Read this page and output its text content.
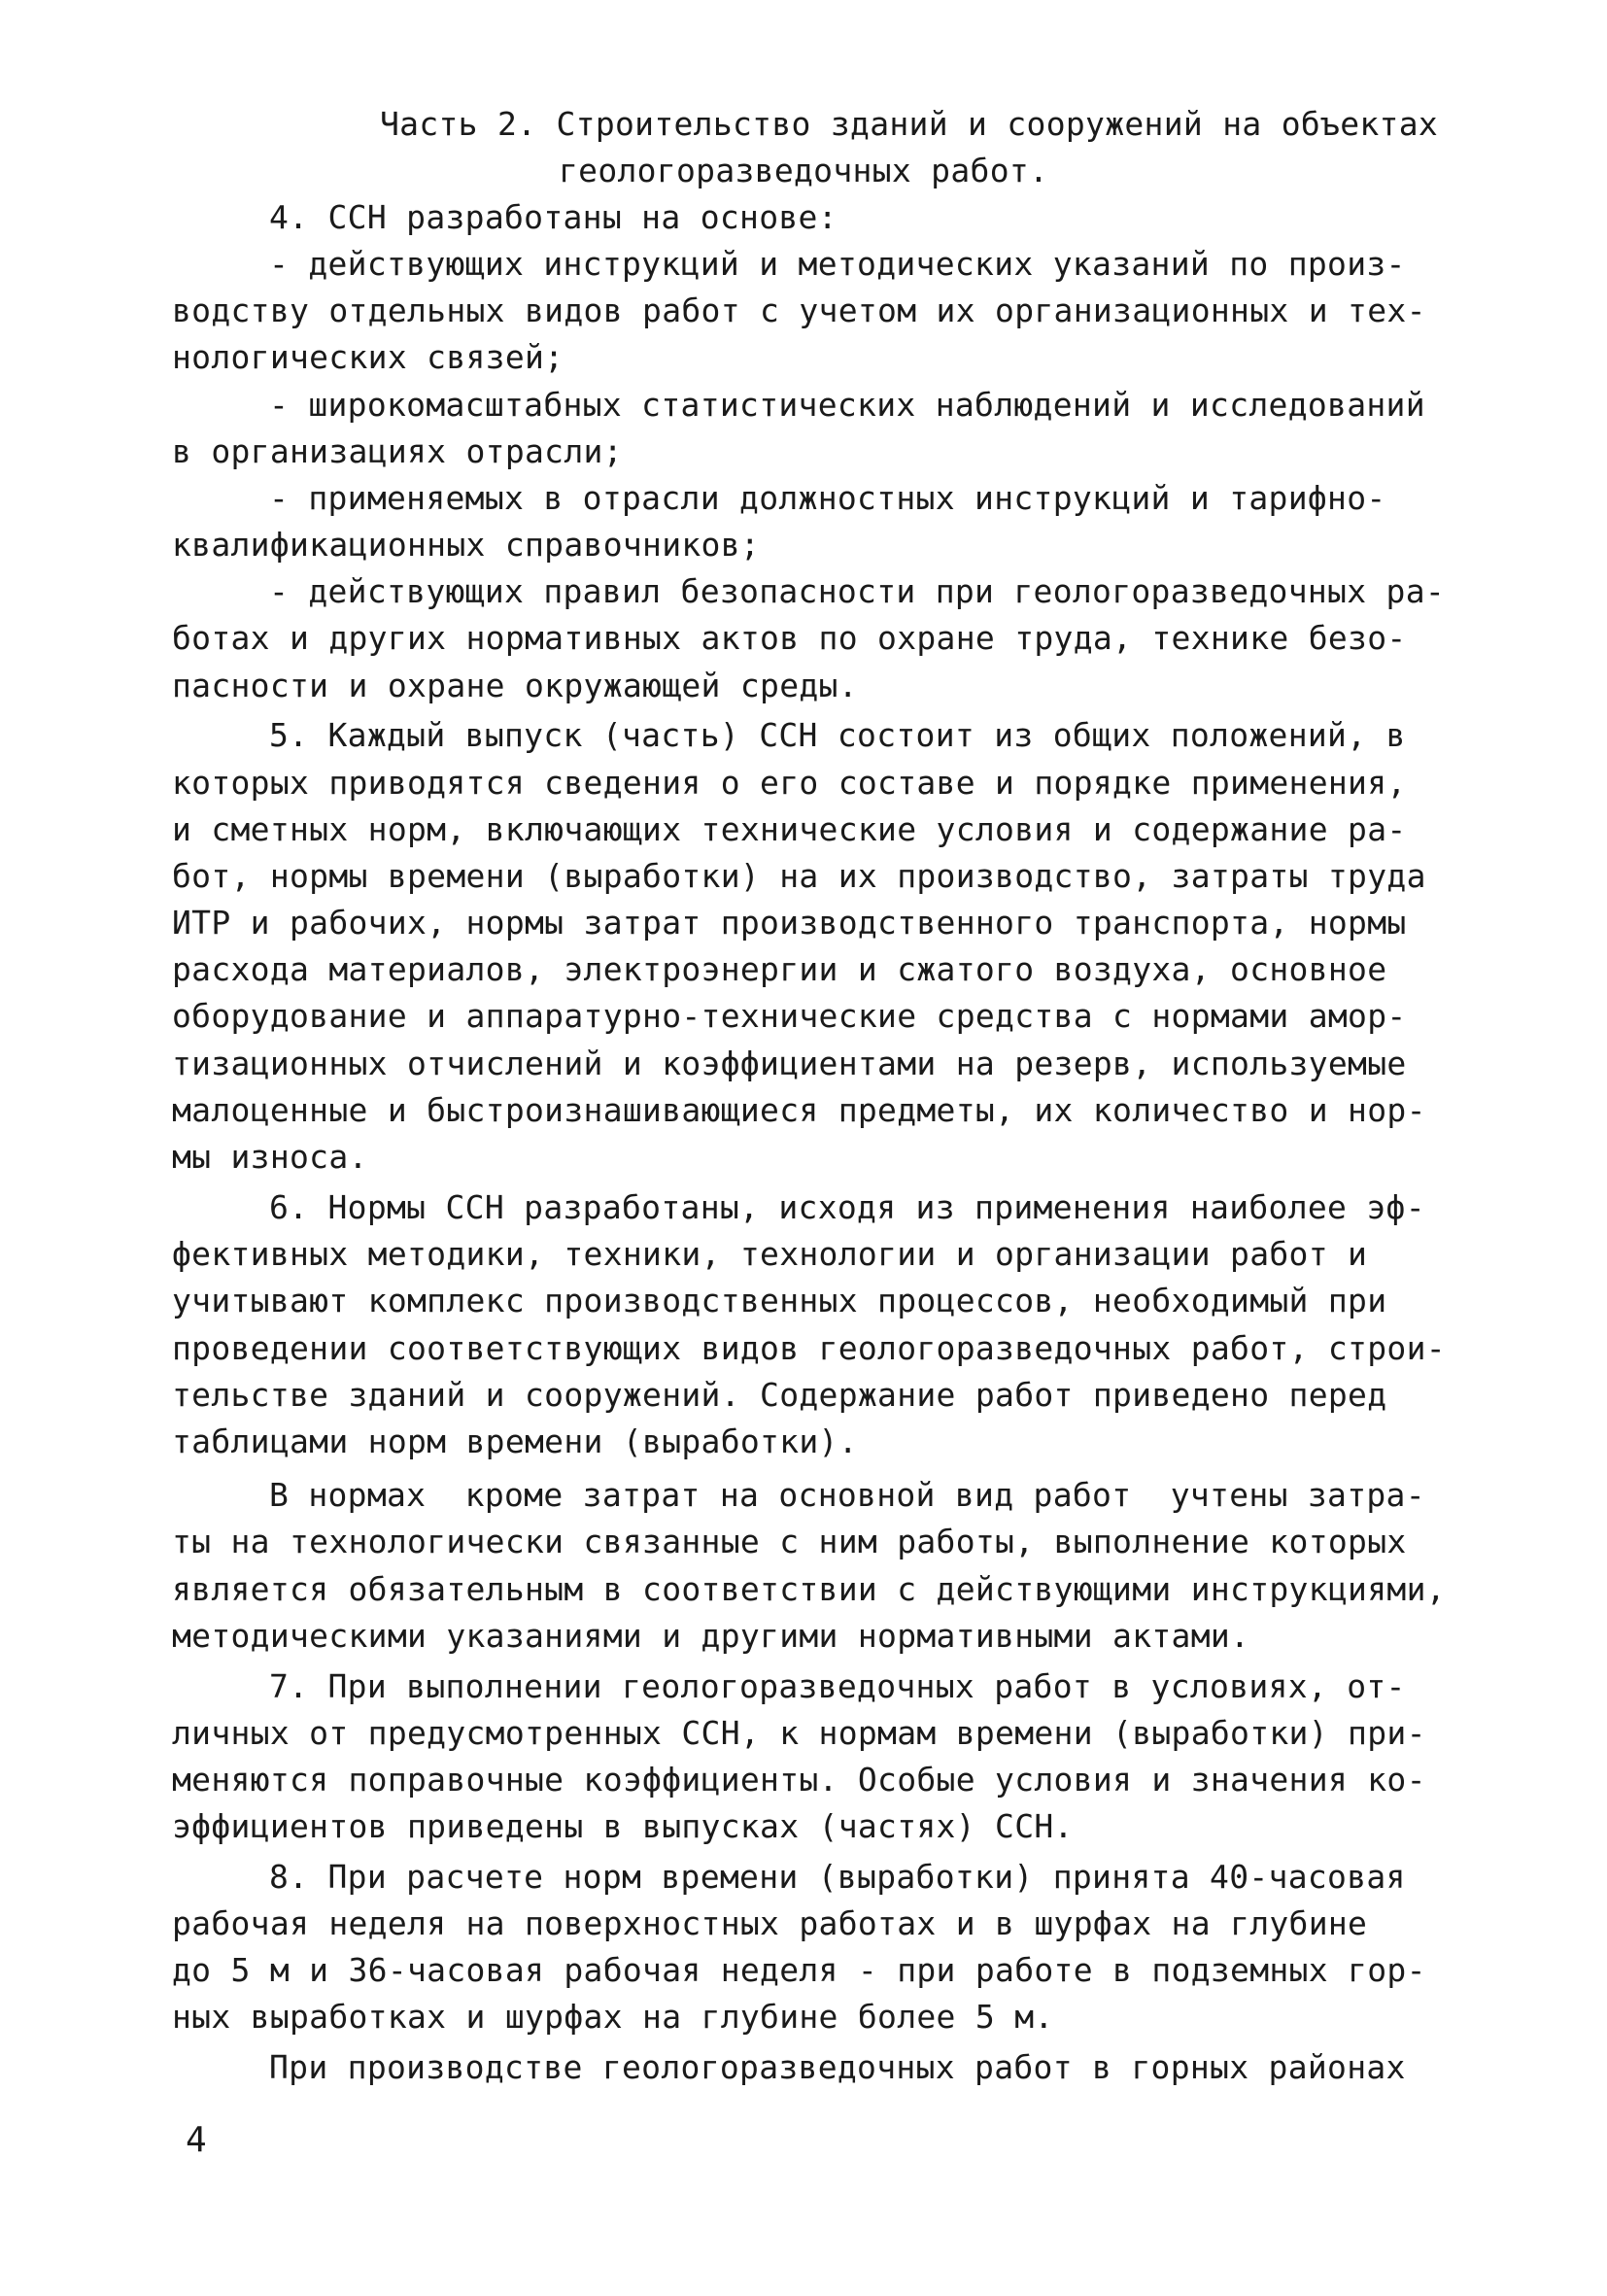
Часть 2. Строительство зданий и сооружений на объектах
геологоразведочных работ.
4. ССН разработаны на основе:
- действующих инструкций и методических указаний по произ-
водству отдельных видов работ с учетом их организационных и тех-
нологических связей;
- широкомасштабных статистических наблюдений и исследований
в организациях отрасли;
- применяемых в отрасли должностных инструкций и тарифно-
квалификационных справочников;
- действующих правил безопасности при геологоразведочных ра-
ботах и других нормативных актов по охране труда, технике безо-
пасности и охране окружающей среды.
5. Каждый выпуск (часть) ССН состоит из общих положений, в
которых приводятся сведения о его составе и порядке применения,
и сметных норм, включающих технические условия и содержание ра-
бот, нормы времени (выработки) на их производство, затраты труда
ИТР и рабочих, нормы затрат производственного транспорта, нормы
расхода материалов, электроэнергии и сжатого воздуха, основное
оборудование и аппаратурно-технические средства с нормами амор-
тизационных отчислений и коэффициентами на резерв, используемые
малоценные и быстроизнашивающиеся предметы, их количество и нор-
мы износа.
6. Нормы ССН разработаны, исходя из применения наиболее эф-
фективных методики, техники, технологии и организации работ и
учитывают комплекс производственных процессов, необходимый при
проведении соответствующих видов геологоразведочных работ, строи-
тельстве зданий и сооружений. Содержание работ приведено перед
таблицами норм времени (выработки).
В нормах  кроме затрат на основной вид работ  учтены затра-
ты на технологически связанные с ним работы, выполнение которых
является обязательным в соответствии с действующими инструкциями,
методическими указаниями и другими нормативными актами.
7. При выполнении геологоразведочных работ в условиях, от-
личных от предусмотренных ССН, к нормам времени (выработки) при-
меняются поправочные коэффициенты. Особые условия и значения ко-
эффициентов приведены в выпусках (частях) ССН.
8. При расчете норм времени (выработки) принята 40-часовая
рабочая неделя на поверхностных работах и в шурфах на глубине
до 5 м и 36-часовая рабочая неделя - при работе в подземных гор-
ных выработках и шурфах на глубине более 5 м.
При производстве геологоразведочных работ в горных районах
4
